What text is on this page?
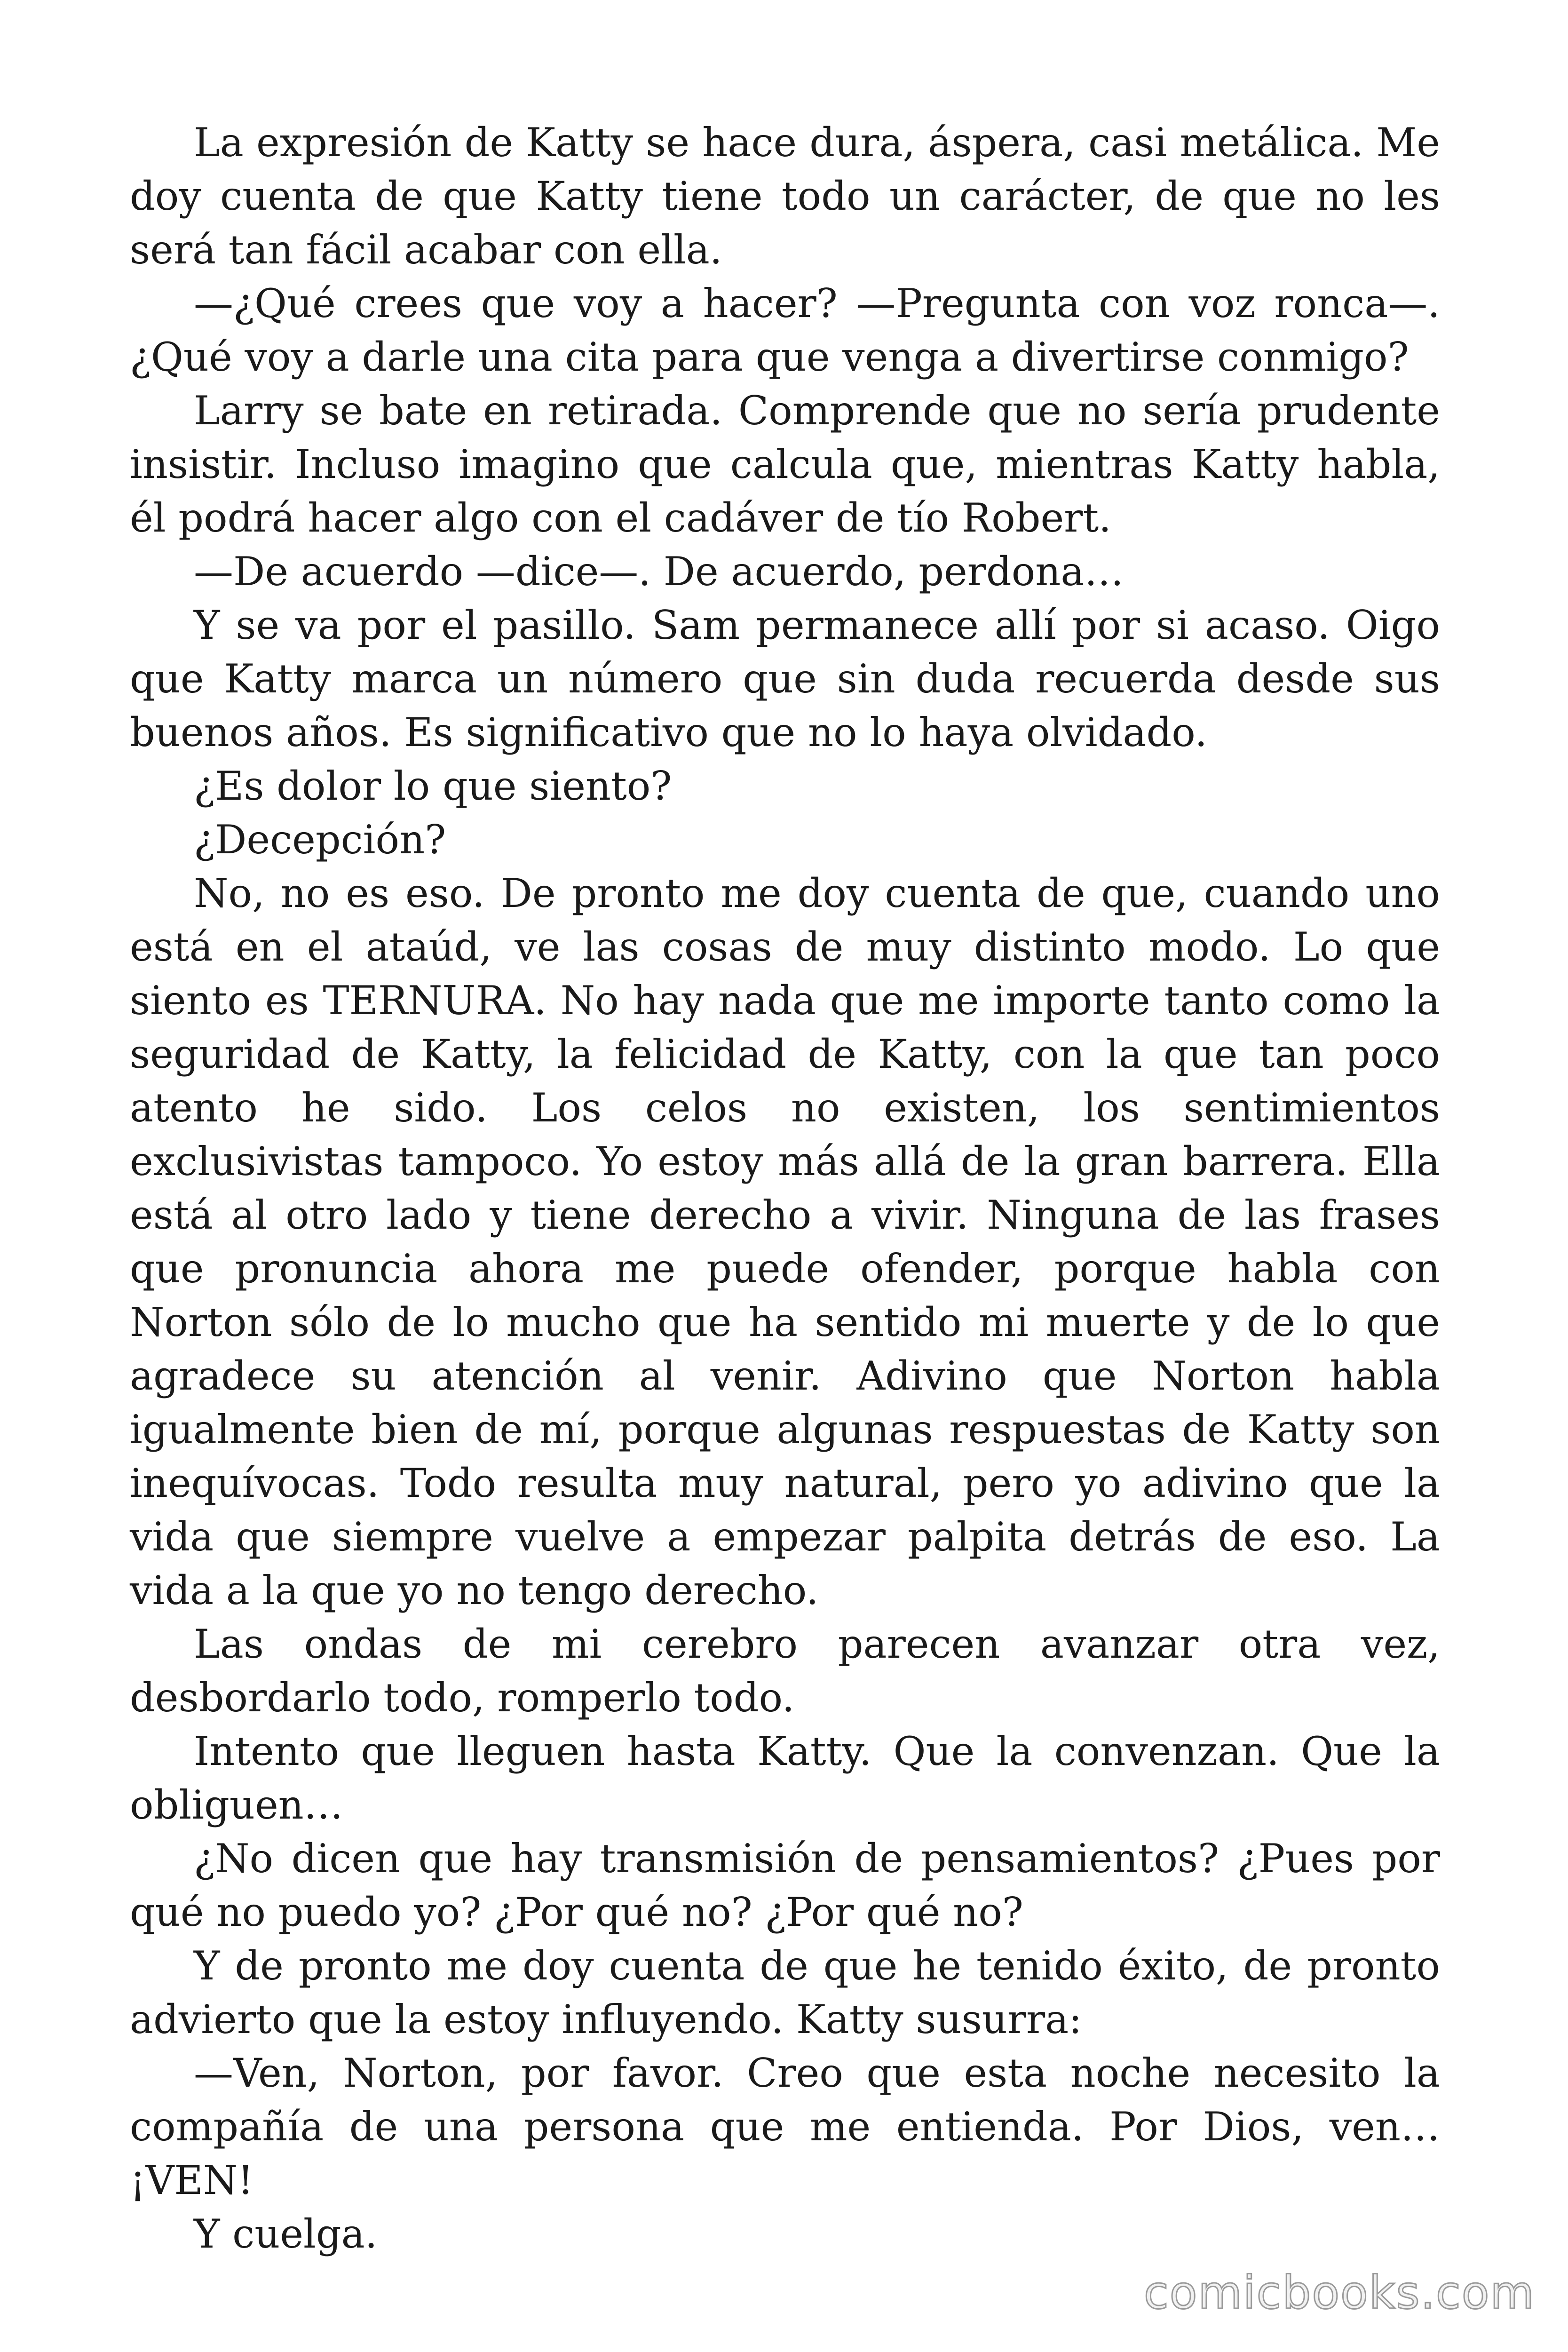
La expresión de Katty se hace dura, áspera, casi metálica. Me doy cuenta de que Katty tiene todo un carácter, de que no les será tan fácil acabar con ella.

—¿Qué crees que voy a hacer? —Pregunta con voz ronca—. ¿Qué voy a darle una cita para que venga a divertirse conmigo?

Larry se bate en retirada. Comprende que no sería prudente insistir. Incluso imagino que calcula que, mientras Katty habla, él podrá hacer algo con el cadáver de tío Robert.

—De acuerdo —dice—. De acuerdo, perdona…

Y se va por el pasillo. Sam permanece allí por si acaso. Oigo que Katty marca un número que sin duda recuerda desde sus buenos años. Es significativo que no lo haya olvidado.

¿Es dolor lo que siento?

¿Decepción?

No, no es eso. De pronto me doy cuenta de que, cuando uno está en el ataúd, ve las cosas de muy distinto modo. Lo que siento es TERNURA. No hay nada que me importe tanto como la seguridad de Katty, la felicidad de Katty, con la que tan poco atento he sido. Los celos no existen, los sentimientos exclusivistas tampoco. Yo estoy más allá de la gran barrera. Ella está al otro lado y tiene derecho a vivir. Ninguna de las frases que pronuncia ahora me puede ofender, porque habla con Norton sólo de lo mucho que ha sentido mi muerte y de lo que agradece su atención al venir. Adivino que Norton habla igualmente bien de mí, porque algunas respuestas de Katty son inequívocas. Todo resulta muy natural, pero yo adivino que la vida que siempre vuelve a empezar palpita detrás de eso. La vida a la que yo no tengo derecho.

Las ondas de mi cerebro parecen avanzar otra vez, desbordarlo todo, romperlo todo.

Intento que lleguen hasta Katty. Que la convenzan. Que la obliguen…

¿No dicen que hay transmisión de pensamientos? ¿Pues por qué no puedo yo? ¿Por qué no? ¿Por qué no?

Y de pronto me doy cuenta de que he tenido éxito, de pronto advierto que la estoy influyendo. Katty susurra:

—Ven, Norton, por favor. Creo que esta noche necesito la compañía de una persona que me entienda. Por Dios, ven… ¡VEN!

Y cuelga.

comicbooks.com
